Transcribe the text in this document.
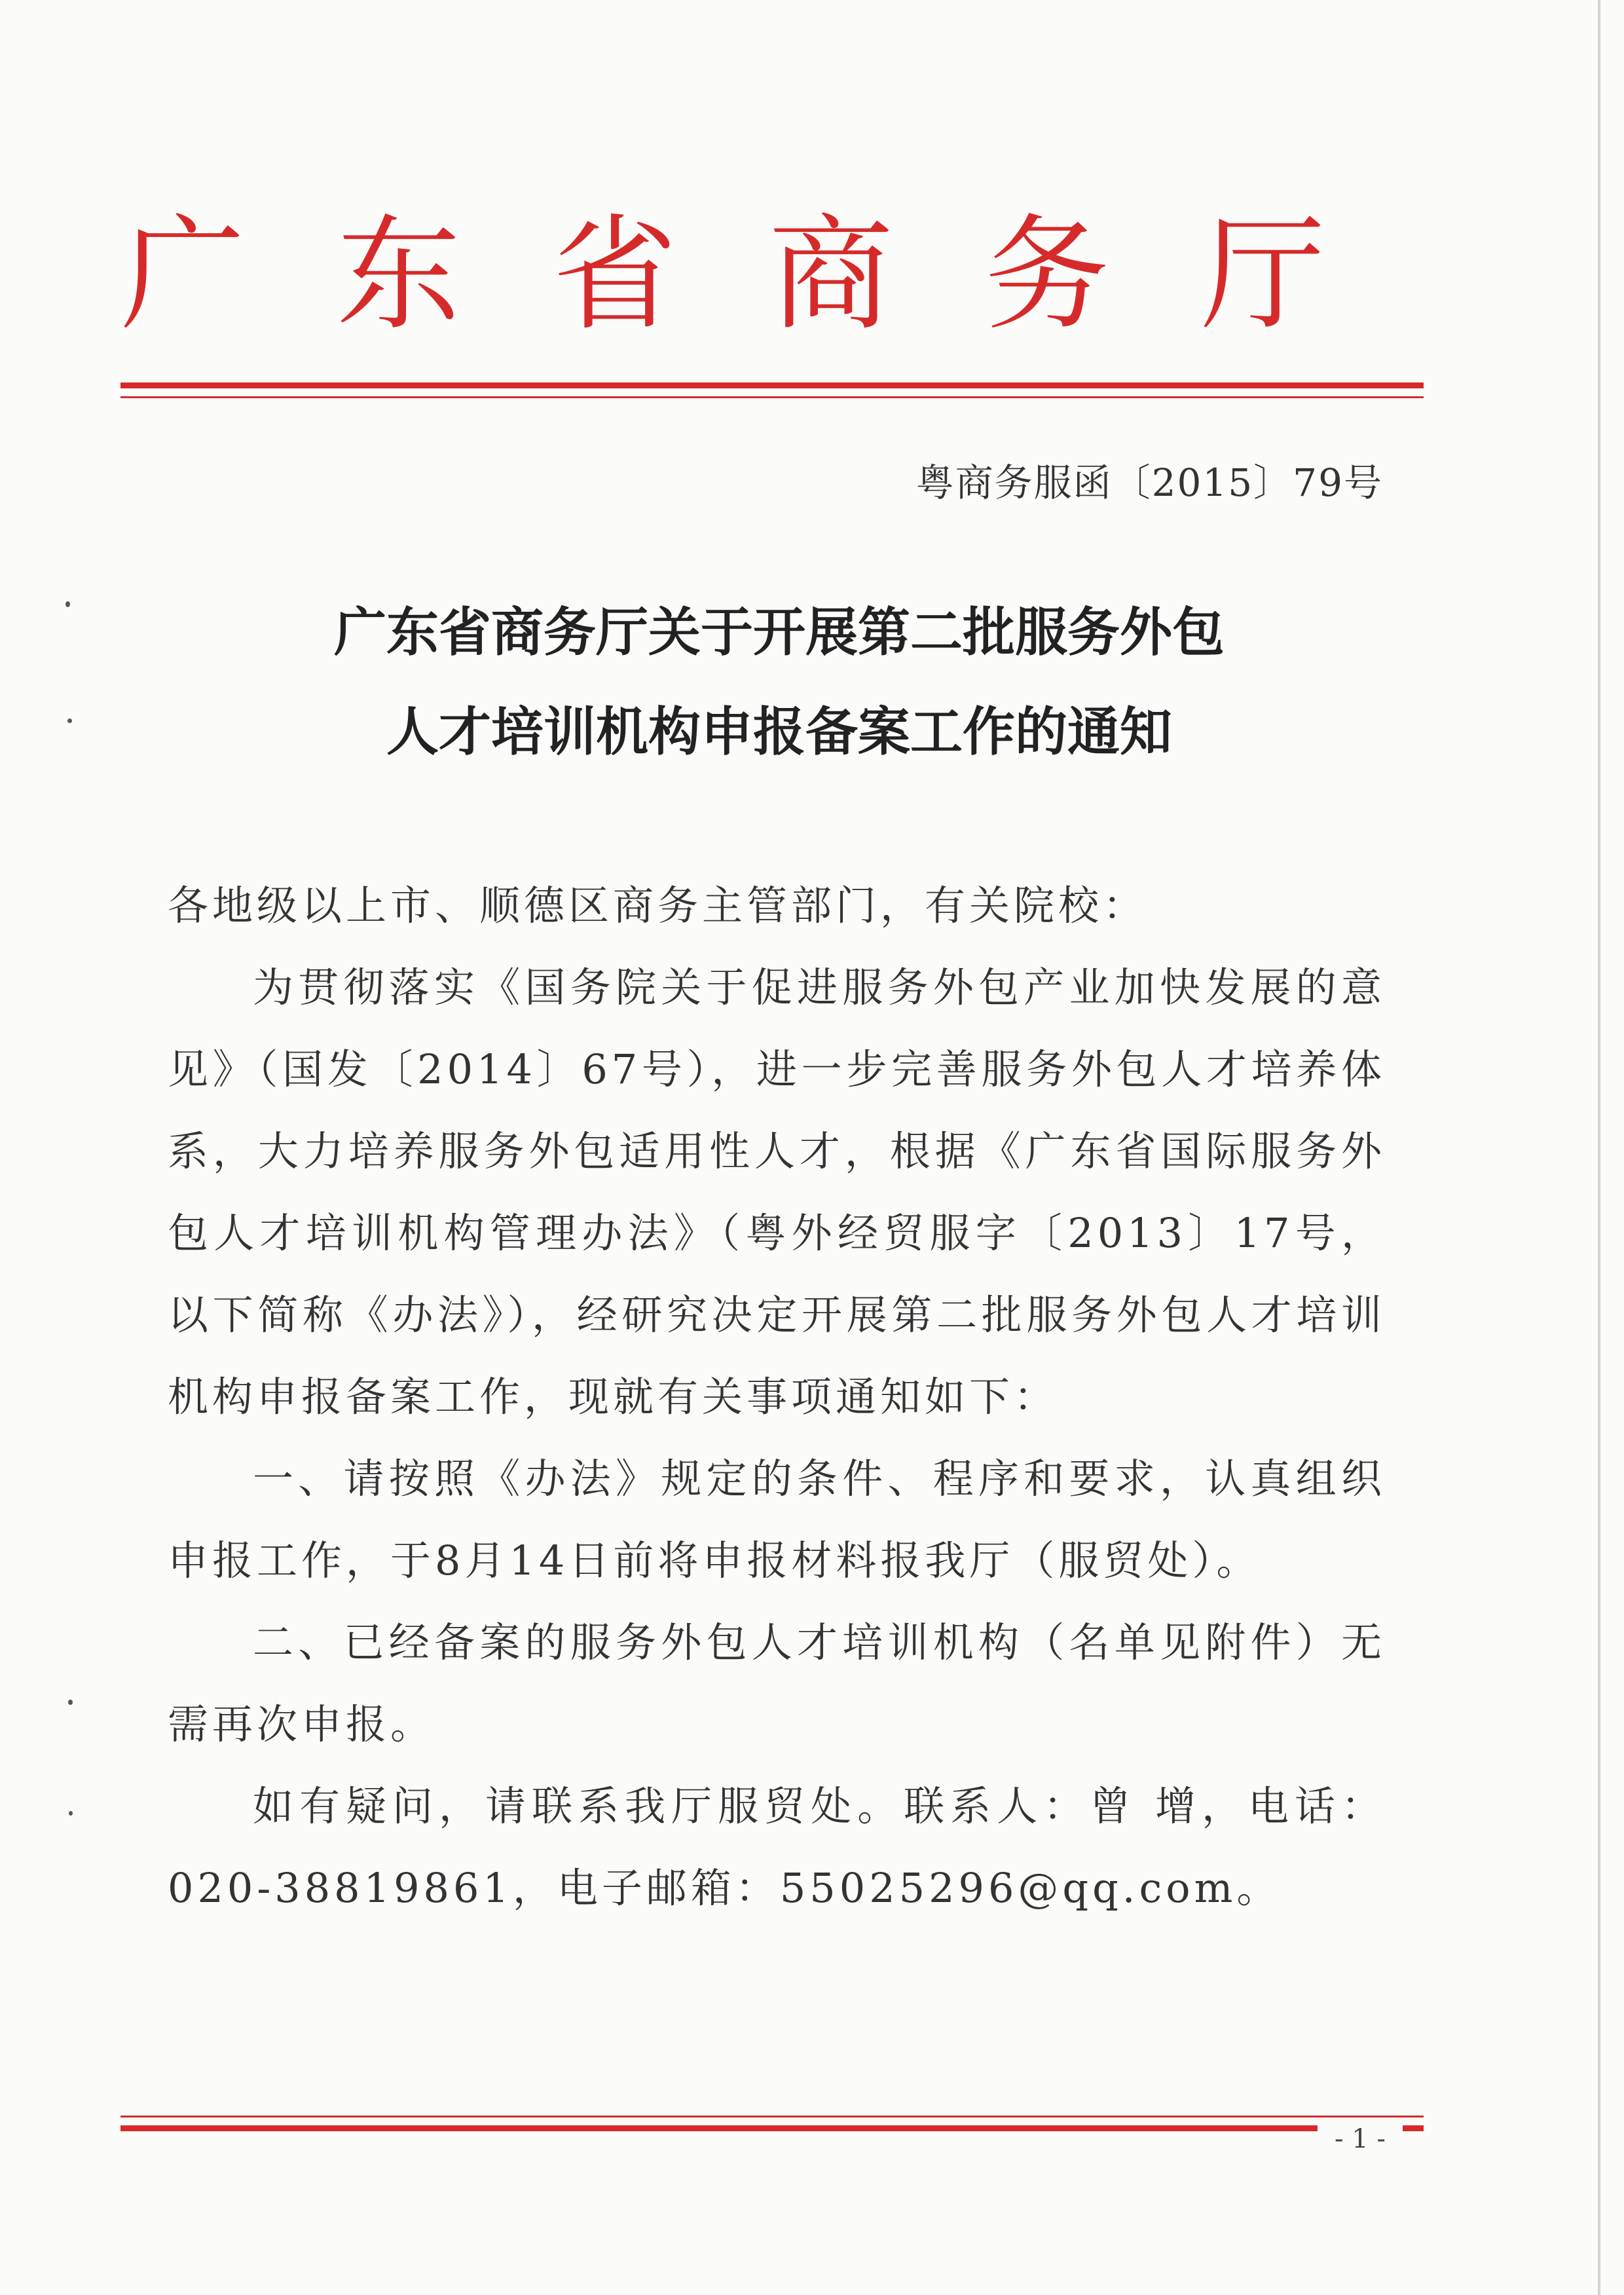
广 东 省 商 务 厅
粤商务服函〔2015〕79号
广东省商务厅关于开展第二批服务外包
人才培训机构申报备案工作的通知

各地级以上市、顺德区商务主管部门，有关院校：

为贯彻落实《国务院关于促进服务外包产业加快发展的意见》（国发〔2014〕67号），进一步完善服务外包人才培养体系，大力培养服务外包适用性人才，根据《广东省国际服务外包人才培训机构管理办法》（粤外经贸服字〔2013〕17号，以下简称《办法》），经研究决定开展第二批服务外包人才培训机构申报备案工作，现就有关事项通知如下：

一、请按照《办法》规定的条件、程序和要求，认真组织申报工作，于8月14日前将申报材料报我厅（服贸处）。

二、已经备案的服务外包人才培训机构（名单见附件）无需再次申报。

如有疑问，请联系我厅服贸处。联系人：曾 增，电话：020-38819861，电子邮箱：55025296@qq.com。

- 1 -
